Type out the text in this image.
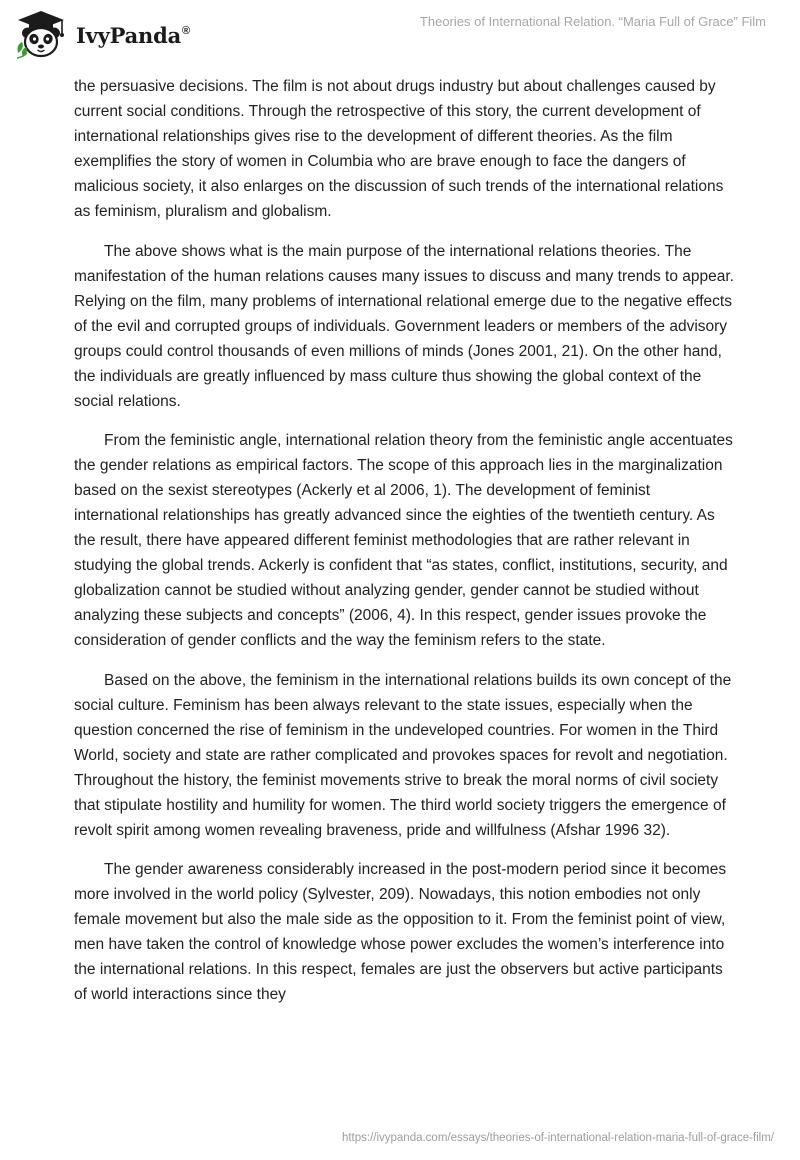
IvyPanda®
Theories of International Relation. “Maria Full of Grace” Film

the persuasive decisions. The film is not about drugs industry but about challenges caused by current social conditions. Through the retrospective of this story, the current development of international relationships gives rise to the development of different theories. As the film exemplifies the story of women in Columbia who are brave enough to face the dangers of malicious society, it also enlarges on the discussion of such trends of the international relations as feminism, pluralism and globalism.

The above shows what is the main purpose of the international relations theories. The manifestation of the human relations causes many issues to discuss and many trends to appear. Relying on the film, many problems of international relational emerge due to the negative effects of the evil and corrupted groups of individuals. Government leaders or members of the advisory groups could control thousands of even millions of minds (Jones 2001, 21). On the other hand, the individuals are greatly influenced by mass culture thus showing the global context of the social relations.

From the feministic angle, international relation theory from the feministic angle accentuates the gender relations as empirical factors. The scope of this approach lies in the marginalization based on the sexist stereotypes (Ackerly et al 2006, 1). The development of feminist international relationships has greatly advanced since the eighties of the twentieth century. As the result, there have appeared different feminist methodologies that are rather relevant in studying the global trends. Ackerly is confident that “as states, conflict, institutions, security, and globalization cannot be studied without analyzing gender, gender cannot be studied without analyzing these subjects and concepts” (2006, 4). In this respect, gender issues provoke the consideration of gender conflicts and the way the feminism refers to the state.

Based on the above, the feminism in the international relations builds its own concept of the social culture. Feminism has been always relevant to the state issues, especially when the question concerned the rise of feminism in the undeveloped countries. For women in the Third World, society and state are rather complicated and provokes spaces for revolt and negotiation. Throughout the history, the feminist movements strive to break the moral norms of civil society that stipulate hostility and humility for women. The third world society triggers the emergence of revolt spirit among women revealing braveness, pride and willfulness (Afshar 1996 32).

The gender awareness considerably increased in the post-modern period since it becomes more involved in the world policy (Sylvester, 209). Nowadays, this notion embodies not only female movement but also the male side as the opposition to it. From the feminist point of view, men have taken the control of knowledge whose power excludes the women’s interference into the international relations. In this respect, females are just the observers but active participants of world interactions since they

https://ivypanda.com/essays/theories-of-international-relation-maria-full-of-grace-film/
